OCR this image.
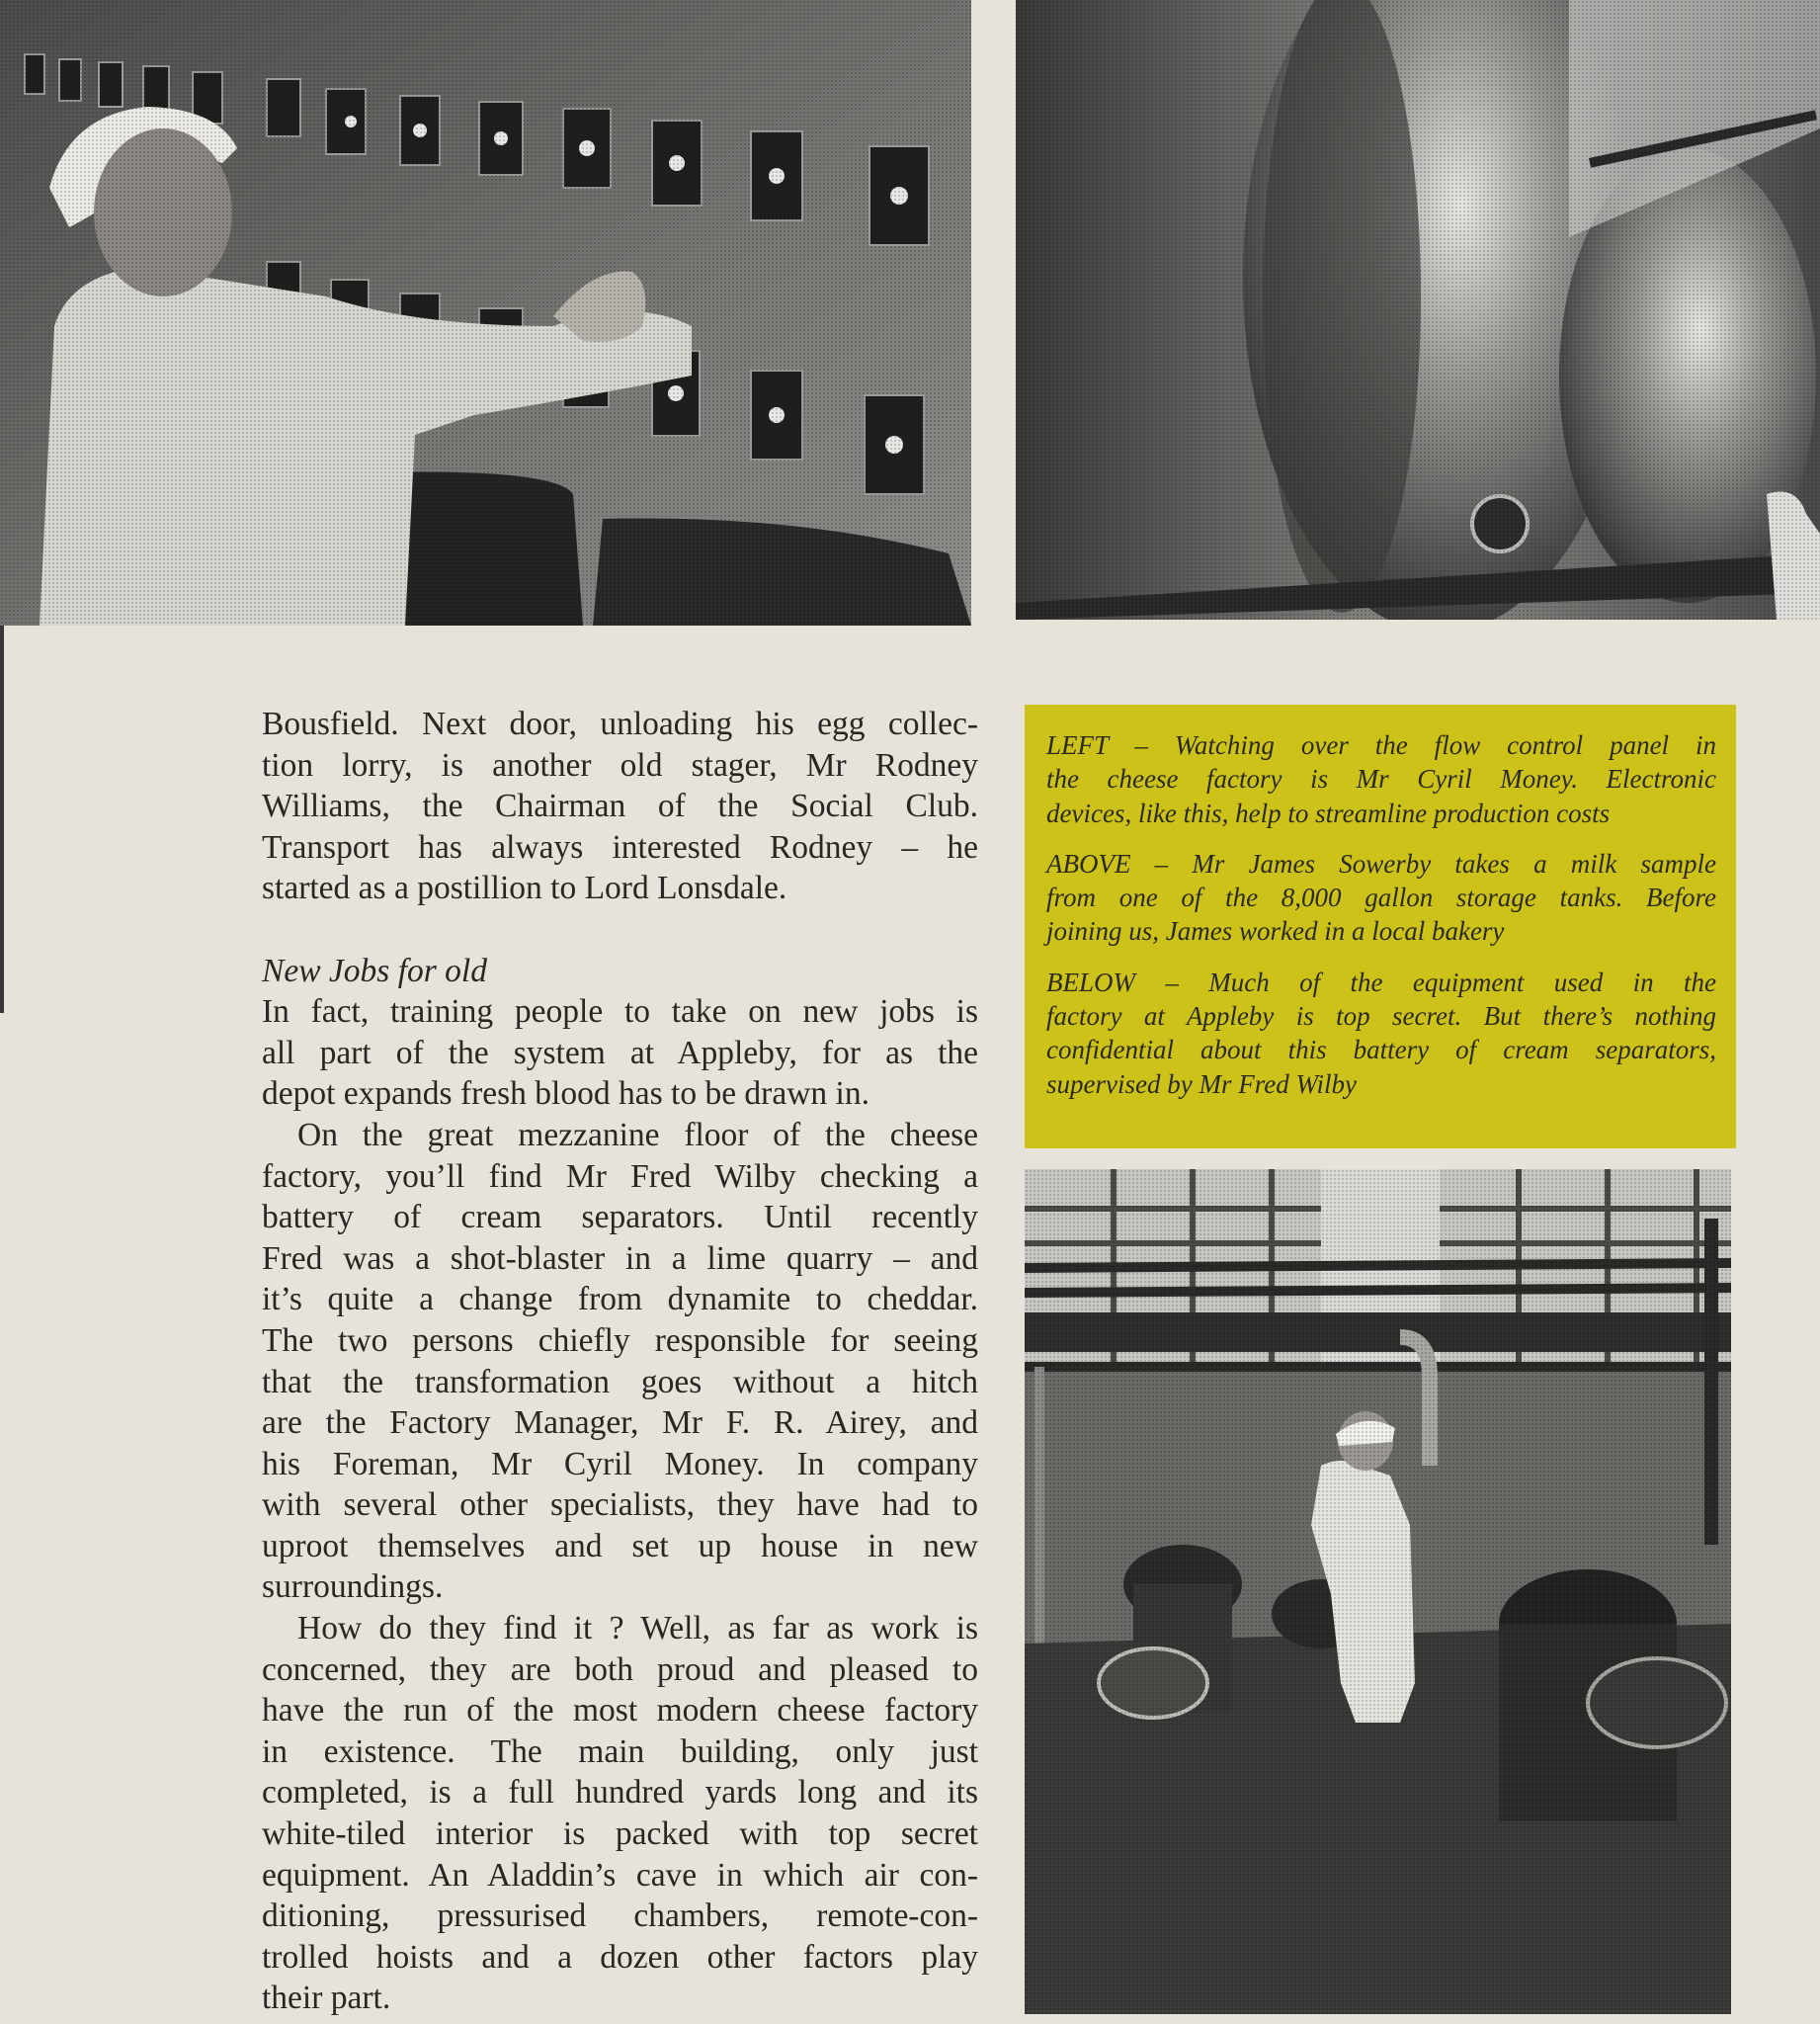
Bousfield. Next door, unloading his egg collec-
tion lorry, is another old stager, Mr Rodney
Williams, the Chairman of the Social Club.
Transport has always interested Rodney – he
started as a postillion to Lord Lonsdale.

New Jobs for old

In fact, training people to take on new jobs is
all part of the system at Appleby, for as the
depot expands fresh blood has to be drawn in.

On the great mezzanine floor of the cheese
factory, you’ll find Mr Fred Wilby checking a
battery of cream separators. Until recently
Fred was a shot-blaster in a lime quarry – and
it’s quite a change from dynamite to cheddar.
The two persons chiefly responsible for seeing
that the transformation goes without a hitch
are the Factory Manager, Mr F. R. Airey, and
his Foreman, Mr Cyril Money. In company
with several other specialists, they have had to
uproot themselves and set up house in new
surroundings.

How do they find it ? Well, as far as work is
concerned, they are both proud and pleased to
have the run of the most modern cheese factory
in existence. The main building, only just
completed, is a full hundred yards long and its
white-tiled interior is packed with top secret
equipment. An Aladdin’s cave in which air con-
ditioning, pressurised chambers, remote-con-
trolled hoists and a dozen other factors play
their part.

LEFT – Watching over the flow control panel in
the cheese factory is Mr Cyril Money. Electronic
devices, like this, help to streamline production costs

ABOVE – Mr James Sowerby takes a milk sample
from one of the 8,000 gallon storage tanks. Before
joining us, James worked in a local bakery

BELOW – Much of the equipment used in the
factory at Appleby is top secret. But there’s nothing
confidential about this battery of cream separators,
supervised by Mr Fred Wilby
